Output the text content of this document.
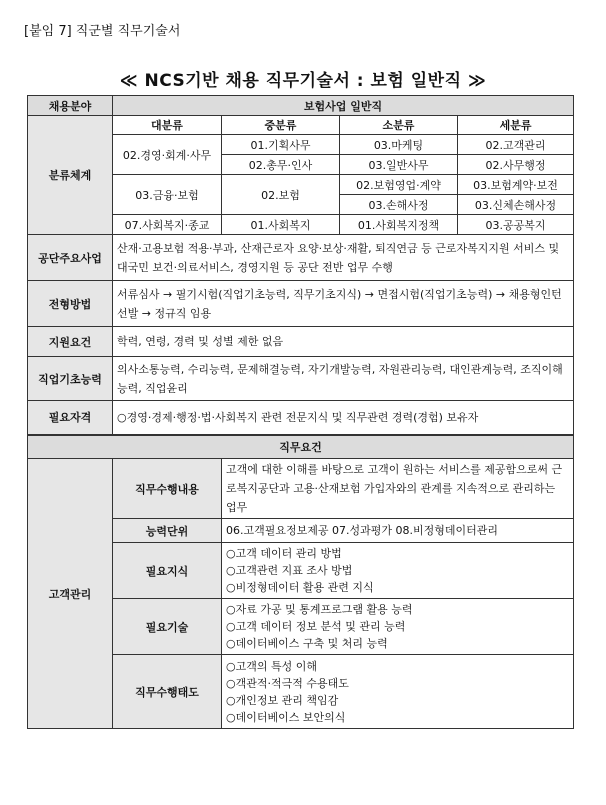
[붙임 7] 직군별 직무기술서
≪ NCS기반 채용 직무기술서 : 보험 일반직 ≫
채용분야	보험사업 일반직			
분류체계	대분류	중분류	소분류	세분류
	02.경영·회계·사무	01.기획사무	03.마케팅	02.고객관리
		02.총무·인사	03.일반사무	02.사무행정
	03.금융·보험	02.보험	02.보험영업·계약	03.보험계약·보전
			03.손해사정	03.신체손해사정
	07.사회복지·종교	01.사회복지	01.사회복지정책	03.공공복지
공단주요사업	산재·고용보험 적용·부과, 산재근로자 요양·보상·재활, 퇴직연금 등 근로자복지지원 서비스 및 대국민 보건·의료서비스, 경영지원 등 공단 전반 업무 수행			
전형방법	서류심사 → 필기시험(직업기초능력, 직무기초지식) → 면접시험(직업기초능력) → 채용형인턴 선발 → 정규직 임용			
지원요건	학력, 연령, 경력 및 성별 제한 없음			
직업기초능력	의사소통능력, 수리능력, 문제해결능력, 자기개발능력, 자원관리능력, 대인관계능력, 조직이해능력, 직업윤리			
필요자격	○경영·경제·행정·법·사회복지 관련 전문지식 및 직무관련 경력(경험) 보유자			
직무요건				
고객관리	직무수행내용	고객에 대한 이해를 바탕으로 고객이 원하는 서비스를 제공함으로써 근로복지공단과 고용·산재보험 가입자와의 관계를 지속적으로 관리하는 업무		
	능력단위	06.고객필요정보제공 07.성과평가 08.비정형데이터관리		
	필요지식	○고객 데이터 관리 방법
○고객관련 지표 조사 방법
○비정형데이터 활용 관련 지식		

	필요기술	○자료 가공 및 통계프로그램 활용 능력
○고객 데이터 정보 분석 및 관리 능력
○데이터베이스 구축 및 처리 능력		

	직무수행태도	○고객의 특성 이해
○객관적·적극적 수용태도
○개인정보 관리 책임감
○데이터베이스 보안의식		
